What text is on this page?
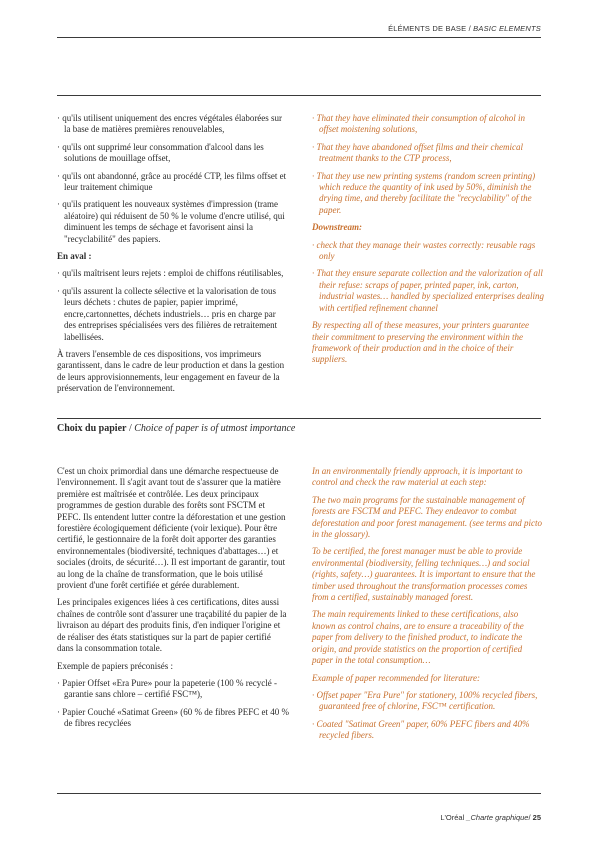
ÉLÉMENTS DE BASE / BASIC ELEMENTS
· qu'ils utilisent uniquement des encres végétales élaborées sur la base de matières premières renouvelables,
· qu'ils ont supprimé leur consommation d'alcool dans les solutions de mouillage offset,
· qu'ils ont abandonné, grâce au procédé CTP, les films offset et leur traitement chimique
· qu'ils pratiquent les nouveaux systèmes d'impression (trame aléatoire) qui réduisent de 50 % le volume d'encre utilisé, qui diminuent les temps de séchage et favorisent ainsi la "recyclabilité" des papiers.

En aval :

· qu'ils maîtrisent leurs rejets : emploi de chiffons réutilisables,
· qu'ils assurent la collecte sélective et la valorisation de tous leurs déchets : chutes de papier, papier imprimé, encre,cartonnettes, déchets industriels… pris en charge par des entreprises spécialisées vers des filières de retraitement labellisées.

À travers l'ensemble de ces dispositions, vos imprimeurs garantissent, dans le cadre de leur production et dans la gestion de leurs approvisionnements, leur engagement en faveur de la préservation de l'environnement.

· That they have eliminated their consumption of alcohol in offset moistening solutions,
· That they have abandoned offset films and their chemical treatment thanks to the CTP process,
· That they use new printing systems (random screen printing) which reduce the quantity of ink used by 50%, diminish the drying time, and thereby facilitate the "recyclability" of the paper.

Downstream:

· check that they manage their wastes correctly: reusable rags only
· That they ensure separate collection and the valorization of all their refuse: scraps of paper, printed paper, ink, carton, industrial wastes… handled by specialized enterprises dealing with certified refinement channel

By respecting all of these measures, your printers guarantee their commitment to preserving the environment within the framework of their production and in the choice of their suppliers.

Choix du papier / Choice of paper is of utmost importance

C'est un choix primordial dans une démarche respectueuse de l'environnement. Il s'agit avant tout de s'assurer que la matière première est maîtrisée et contrôlée. Les deux principaux programmes de gestion durable des forêts sont FSCTM et PEFC. Ils entendent lutter contre la déforestation et une gestion forestière écologiquement déficiente (voir lexique). Pour être certifié, le gestionnaire de la forêt doit apporter des garanties environnementales (biodiversité, techniques d'abattages…) et sociales (droits, de sécurité…). Il est important de garantir, tout au long de la chaîne de transformation, que le bois utilisé provient d'une forêt certifiée et gérée durablement.

Les principales exigences liées à ces certifications, dites aussi chaînes de contrôle sont d'assurer une traçabilité du papier de la livraison au départ des produits finis, d'en indiquer l'origine et de réaliser des états statistiques sur la part de papier certifié dans la consommation totale.

Exemple de papiers préconisés :

· Papier Offset «Era Pure» pour la papeterie (100 % recyclé - garantie sans chlore – certifié FSC™),
· Papier Couché «Satimat Green» (60 % de fibres PEFC et 40 % de fibres recyclées

In an environmentally friendly approach, it is important to control and check the raw material at each step:

The two main programs for the sustainable management of forests are FSCTM and PEFC. They endeavor to combat deforestation and poor forest management. (see terms and picto in the glossary).

To be certified, the forest manager must be able to provide environmental (biodiversity, felling techniques…) and social (rights, safety…) guarantees. It is important to ensure that the timber used throughout the transformation processes comes from a certified, sustainably managed forest.

The main requirements linked to these certifications, also known as control chains, are to ensure a traceability of the paper from delivery to the finished product, to indicate the origin, and provide statistics on the proportion of certified paper in the total consumption…

Example of paper recommended for literature:

· Offset paper "Era Pure" for stationery, 100% recycled fibers, guaranteed free of chlorine, FSC™ certification.
· Coated "Satimat Green" paper, 60% PEFC fibers and 40% recycled fibers.
L'Oréal _Charte graphique/ 25
